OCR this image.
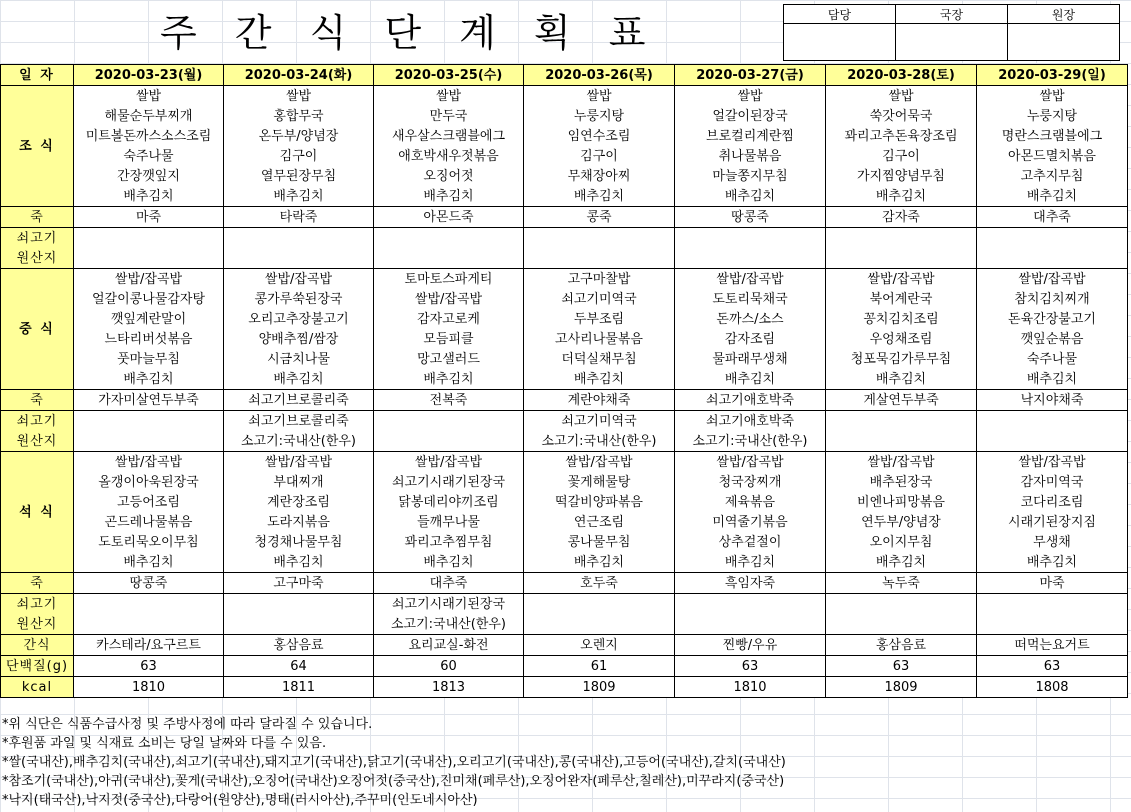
주 간 식 단 계 획 표	담당	국장	원장

일 자	2020-03-23(월)	2020-03-24(화)	2020-03-25(수)	2020-03-26(목)	2020-03-27(금)	2020-03-28(토)	2020-03-29(일)
조 식	쌀밥	쌀밥	쌀밥	쌀밥	쌀밥	쌀밥	쌀밥
	해물순두부찌개	홍합무국	만두국	누룽지탕	얼갈이된장국	쑥갓어묵국	누룽지탕
	미트볼돈까스소스조림	온두부/양념장	새우살스크램블에그	임연수조림	브로컬리계란찜	꽈리고추돈육장조림	명란스크램블에그
	숙주나물	김구이	애호박새우젓볶음	김구이	취나물볶음	김구이	아몬드멸치볶음
	간장깻잎지	열무된장무침	오징어젓	무채장아찌	마늘쫑지무침	가지찜양념무침	고추지무침
	배추김치	배추김치	배추김치	배추김치	배추김치	배추김치	배추김치
죽	마죽	타락죽	아몬드죽	콩죽	땅콩죽	감자죽	대추죽
쇠고기							
원산지							
중 식	쌀밥/잡곡밥	쌀밥/잡곡밥	토마토스파게티	고구마찰밥	쌀밥/잡곡밥	쌀밥/잡곡밥	쌀밥/잡곡밥
	얼갈이콩나물감자탕	콩가루쑥된장국	쌀밥/잡곡밥	쇠고기미역국	도토리묵채국	북어계란국	참치김치찌개
	깻잎계란말이	오리고추장불고기	감자고로케	두부조림	돈까스/소스	꽁치김치조림	돈육간장불고기
	느타리버섯볶음	양배추찜/쌈장	모듬피클	고사리나물볶음	감자조림	우엉채조림	깻잎순볶음
	풋마늘무침	시금치나물	망고샐러드	더덕실채무침	물파래무생채	청포묵김가루무침	숙주나물
	배추김치	배추김치	배추김치	배추김치	배추김치	배추김치	배추김치
죽	가자미살연두부죽	쇠고기브로콜리죽	전복죽	계란야채죽	쇠고기애호박죽	게살연두부죽	낙지야채죽
쇠고기		쇠고기브로콜리죽		쇠고기미역국	쇠고기애호박죽		
원산지		소고기:국내산(한우)		소고기:국내산(한우)	소고기:국내산(한우)		
석 식	쌀밥/잡곡밥	쌀밥/잡곡밥	쌀밥/잡곡밥	쌀밥/잡곡밥	쌀밥/잡곡밥	쌀밥/잡곡밥	쌀밥/잡곡밥
	올갱이아욱된장국	부대찌개	쇠고기시래기된장국	꽃게해물탕	청국장찌개	배추된장국	감자미역국
	고등어조림	계란장조림	닭봉데리야끼조림	떡갈비양파볶음	제육볶음	비엔나피망볶음	코다리조림
	곤드레나물볶음	도라지볶음	들깨무나물	연근조림	미역줄기볶음	연두부/양념장	시래기된장지짐
	도토리묵오이무침	청경채나물무침	꽈리고추찜무침	콩나물무침	상추겉절이	오이지무침	무생채
	배추김치	배추김치	배추김치	배추김치	배추김치	배추김치	배추김치
죽	땅콩죽	고구마죽	대추죽	호두죽	흑임자죽	녹두죽	마죽
쇠고기			쇠고기시래기된장국				
원산지			소고기:국내산(한우)				
간식	카스테라/요구르트	홍삼음료	요리교실-화전	오렌지	찐빵/우유	홍삼음료	떠먹는요거트
단백질(g)	63	64	60	61	63	63	63
kcal	1810	1811	1813	1809	1810	1809	1808
*위 식단은 식품수급사정 및 주방사정에 따라 달라질 수 있습니다.
*후원품 과일 및 식재료 소비는 당일 날짜와 다를 수 있음.
*쌀(국내산),배추김치(국내산),쇠고기(국내산),돼지고기(국내산),닭고기(국내산),오리고기(국내산),콩(국내산),고등어(국내산),갈치(국내산)
*참조기(국내산),아귀(국내산),꽃게(국내산),오징어(국내산)오징어젓(중국산),진미채(페루산),오징어완자(페루산,칠레산),미꾸라지(중국산)
*낙지(태국산),낙지젓(중국산),다랑어(원양산),명태(러시아산),주꾸미(인도네시아산)
